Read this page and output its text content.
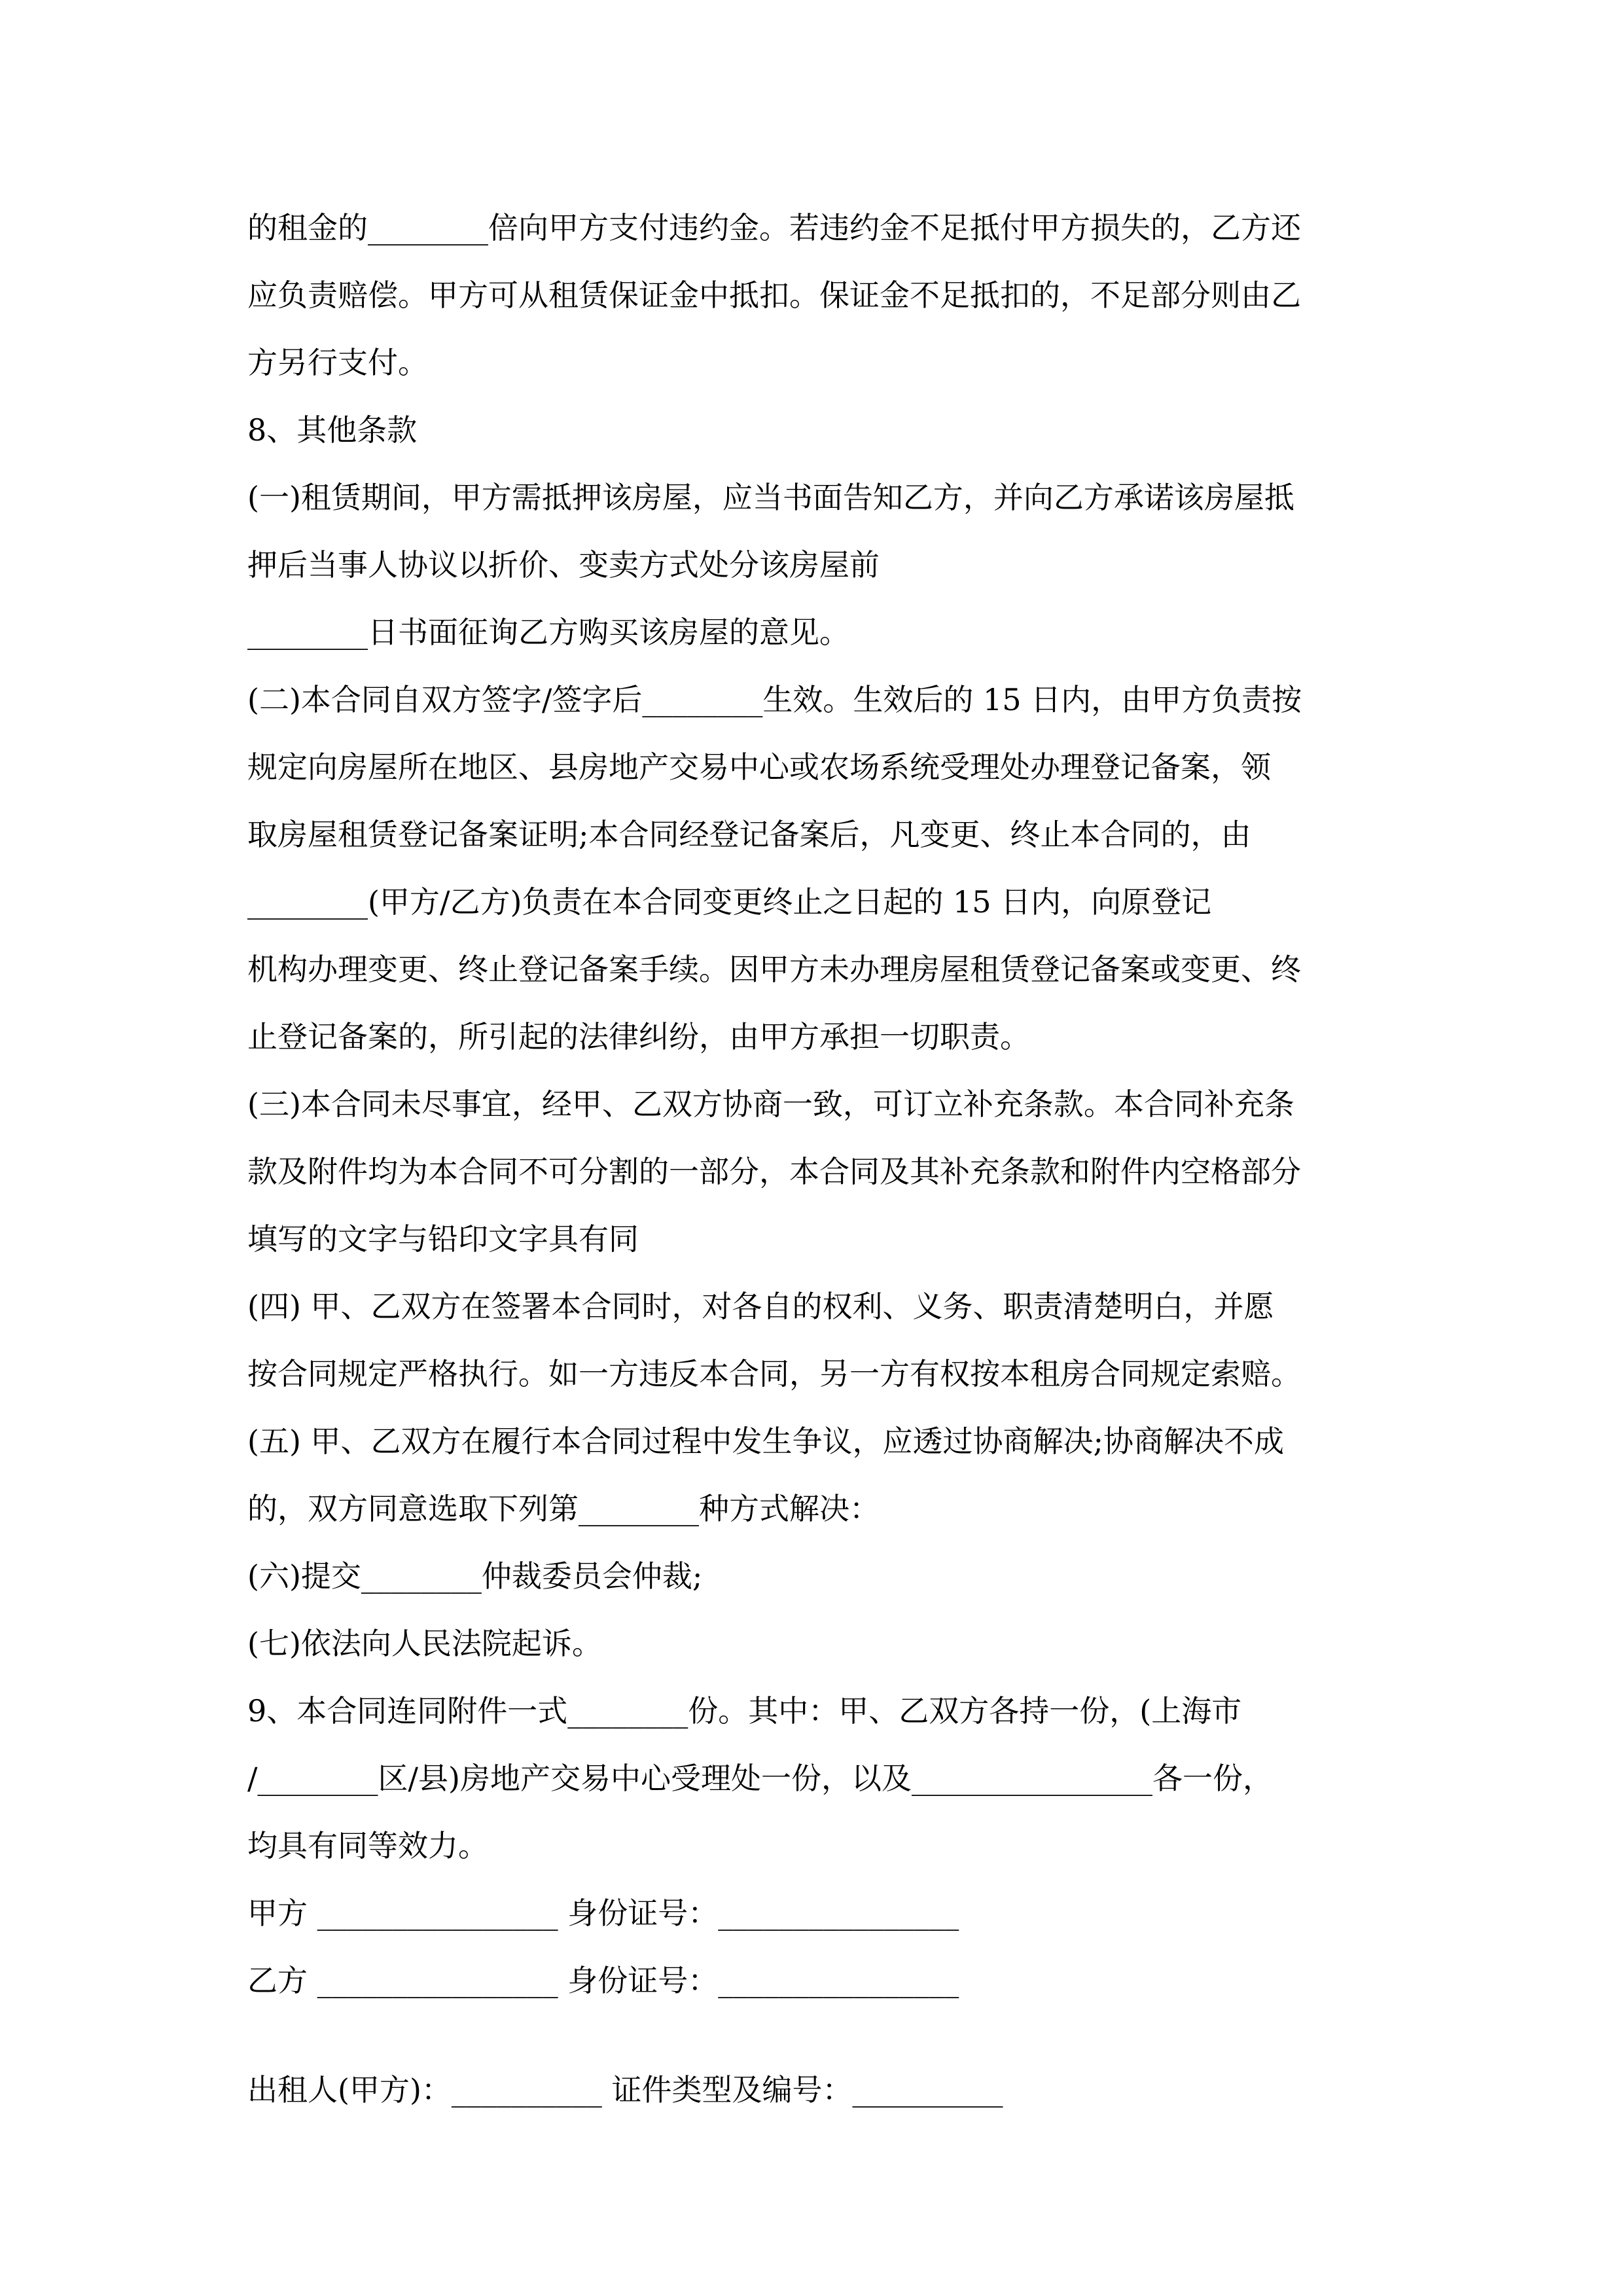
的租金的________倍向甲方支付违约金。若违约金不足抵付甲方损失的，乙方还

应负责赔偿。甲方可从租赁保证金中抵扣。保证金不足抵扣的，不足部分则由乙

方另行支付。

8、其他条款

(一)租赁期间，甲方需抵押该房屋，应当书面告知乙方，并向乙方承诺该房屋抵

押后当事人协议以折价、变卖方式处分该房屋前

________日书面征询乙方购买该房屋的意见。

(二)本合同自双方签字/签字后________生效。生效后的 15 日内，由甲方负责按

规定向房屋所在地区、县房地产交易中心或农场系统受理处办理登记备案，领

取房屋租赁登记备案证明;本合同经登记备案后，凡变更、终止本合同的，由

________(甲方/乙方)负责在本合同变更终止之日起的 15 日内，向原登记

机构办理变更、终止登记备案手续。因甲方未办理房屋租赁登记备案或变更、终

止登记备案的，所引起的法律纠纷，由甲方承担一切职责。

(三)本合同未尽事宜，经甲、乙双方协商一致，可订立补充条款。本合同补充条

款及附件均为本合同不可分割的一部分，本合同及其补充条款和附件内空格部分

填写的文字与铅印文字具有同

(四) 甲、乙双方在签署本合同时，对各自的权利、义务、职责清楚明白，并愿

按合同规定严格执行。如一方违反本合同，另一方有权按本租房合同规定索赔。

(五) 甲、乙双方在履行本合同过程中发生争议，应透过协商解决;协商解决不成

的，双方同意选取下列第________种方式解决：

(六)提交________仲裁委员会仲裁;

(七)依法向人民法院起诉。

9、本合同连同附件一式________份。其中：甲、乙双方各持一份，(上海市

/________区/县)房地产交易中心受理处一份，以及________________各一份，

均具有同等效力。

甲方 ________________ 身份证号：________________

乙方 ________________ 身份证号：________________

出租人(甲方)：__________ 证件类型及编号：__________
